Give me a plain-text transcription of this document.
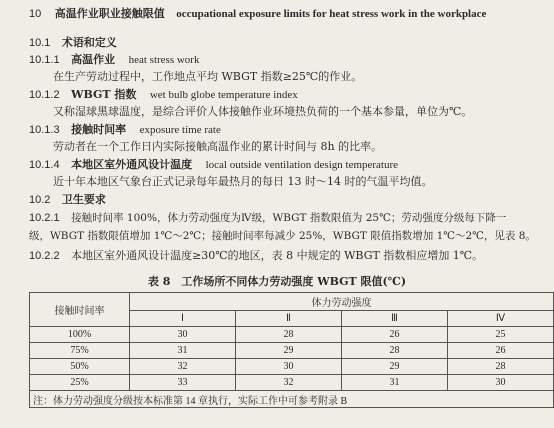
10 高温作业职业接触限值 occupational exposure limits for heat stress work in the workplace
10.1 术语和定义
10.1.1 高温作业 heat stress work
在生产劳动过程中，工作地点平均 WBGT 指数≥25℃的作业。
10.1.2 WBGT 指数 wet bulb globe temperature index
又称湿球黑球温度，是综合评价人体接触作业环境热负荷的一个基本参量，单位为℃。
10.1.3 接触时间率 exposure time rate
劳动者在一个工作日内实际接触高温作业的累计时间与 8h 的比率。
10.1.4 本地区室外通风设计温度 local outside ventilation design temperature
近十年本地区气象台正式记录每年最热月的每日 13 时～14 时的气温平均值。
10.2 卫生要求
10.2.1 接触时间率 100%，体力劳动强度为Ⅳ级，WBGT 指数限值为 25℃；劳动强度分级每下降一
级，WBGT 指数限值增加 1℃～2℃；接触时间率每减少 25%，WBGT 限值指数增加 1℃～2℃，见表 8。
10.2.2 本地区室外通风设计温度≥30℃的地区，表 8 中规定的 WBGT 指数相应增加 1℃。
表 8　工作场所不同体力劳动强度 WBGT 限值(℃)
接触时间率	体力劳动强度			
	Ⅰ	Ⅱ	Ⅲ	Ⅳ
100%	30	28	26	25
75%	31	29	28	26
50%	32	30	29	28
25%	33	32	31	30
注：体力劳动强度分级按本标准第 14 章执行，实际工作中可参考附录 B				
